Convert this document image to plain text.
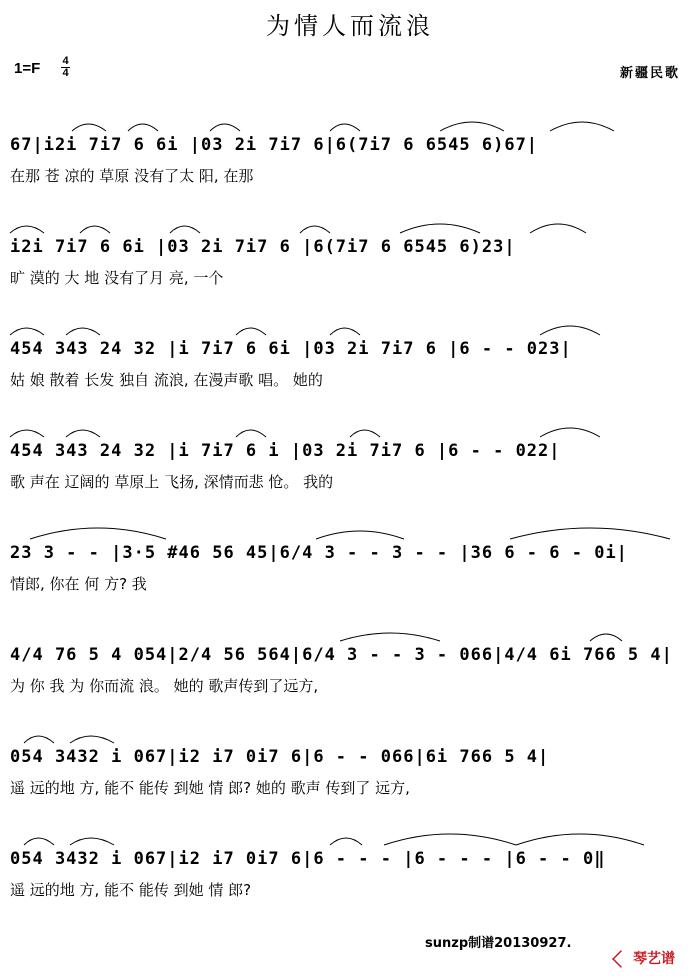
为情人而流浪
1=F 4
4	新疆民歌
67|i2i 7i7 6 6i |03 2i 7i7 6|6(7i7 6 6545 6)67|
在那 苍 凉的 草原 没有了太 阳, 在那
i2i 7i7 6 6i |03 2i 7i7 6 |6(7i7 6 6545 6)23|
旷 漠的 大 地 没有了月 亮, 一个
454 343 24 32 |i 7i7 6 6i |03 2i 7i7 6 |6 - - 023|
姑 娘 散着 长发 独自 流浪, 在漫声歌 唱。 她的
454 343 24 32 |i 7i7 6 i |03 2i 7i7 6 |6 - - 022|
歌 声在 辽阔的 草原上 飞扬, 深情而悲 怆。 我的
23 3 - - |3·5 #46 56 45|6/4 3 - - 3 - - |36 6 - 6 - 0i|
情郎, 你在 何 方? 我
4/4 76 5 4 054|2/4 56 564|6/4 3 - - 3 - 066|4/4 6i 766 5 4|
为 你 我 为 你而流 浪。 她的 歌声传到了远方,
054 3432 i 067|i2 i7 0i7 6|6 - - 066|6i 766 5 4|
遥 远的地 方, 能不 能传 到她 情 郎? 她的 歌声 传到了 远方,
054 3432 i 067|i2 i7 0i7 6|6 - - - |6 - - - |6 - - 0‖
遥 远的地 方, 能不 能传 到她 情 郎?
sunzp制谱20130927.
琴艺谱
